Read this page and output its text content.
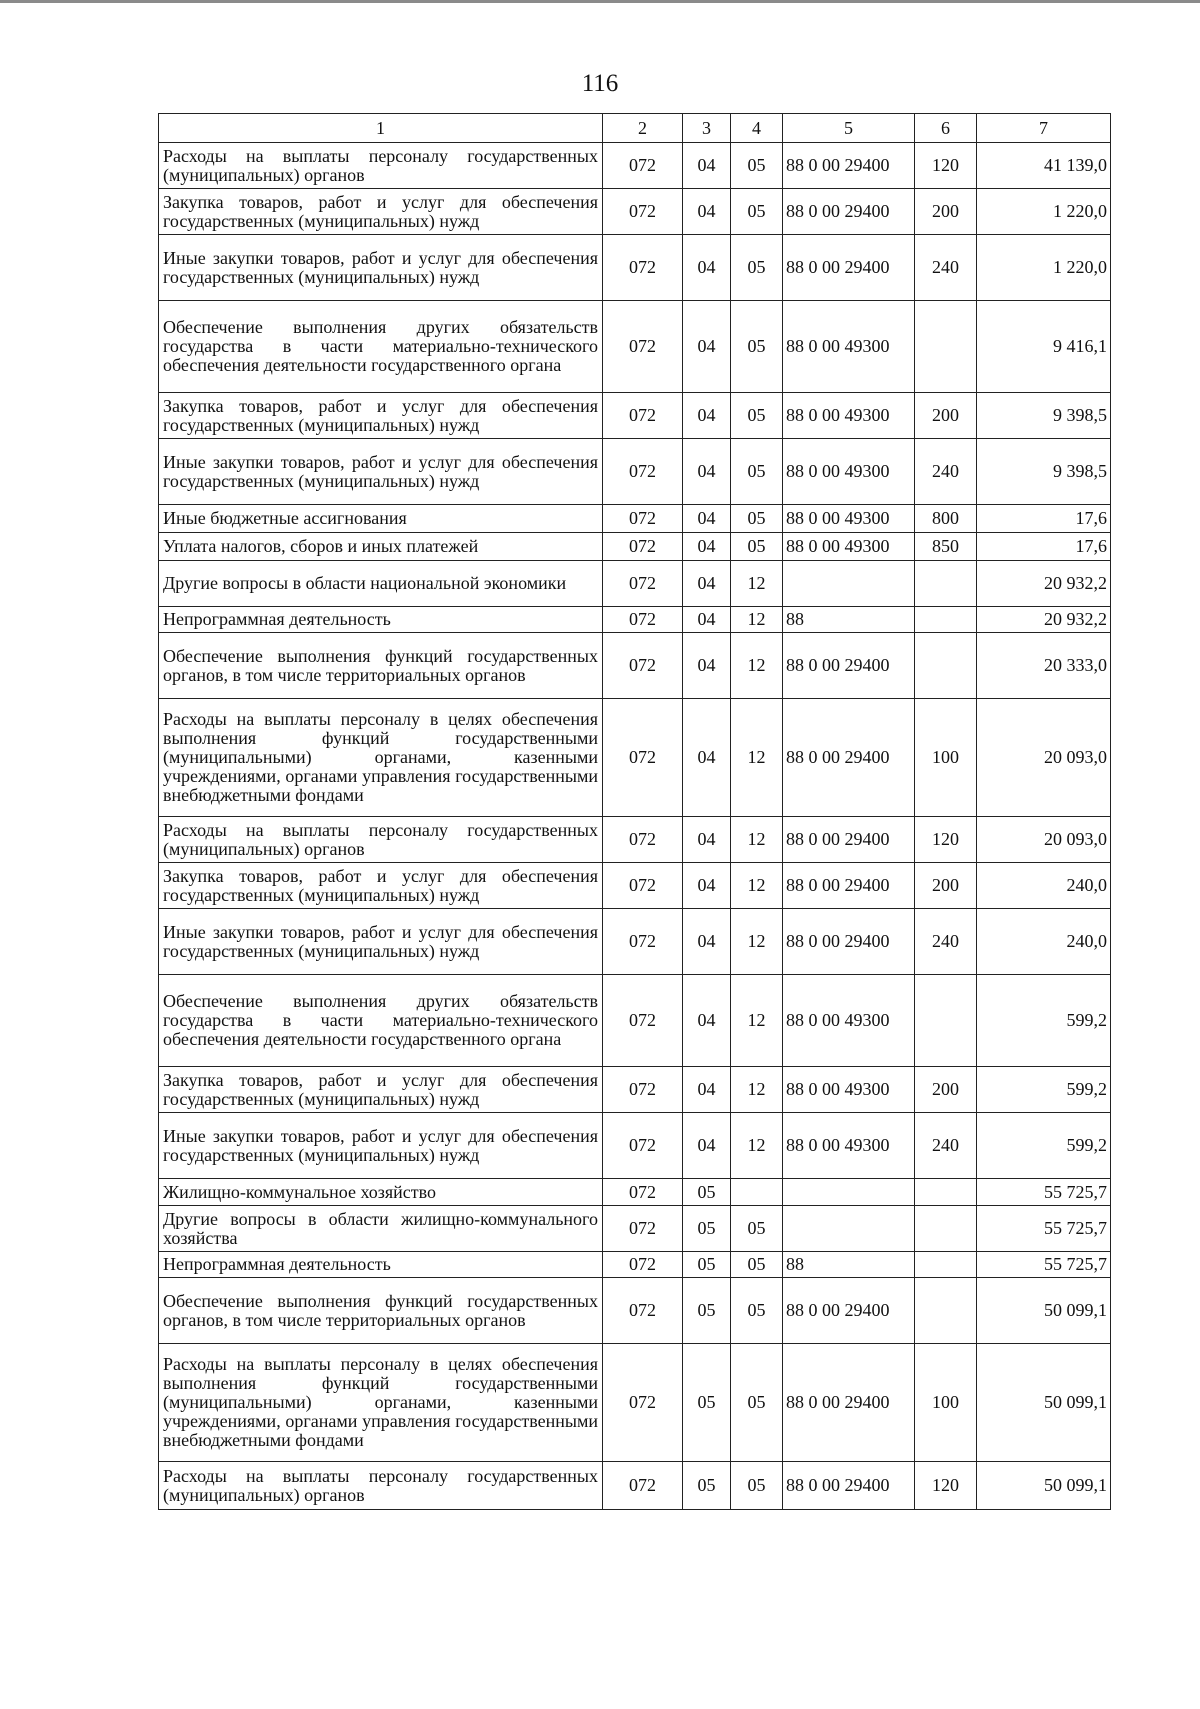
116
1	2	3	4	5	6	7
Расходы на выплаты персоналу государственных (муниципальных) органов	072	04	05	88 0 00 29400	120	41 139,0
Закупка товаров, работ и услуг для обеспечения государственных (муниципальных) нужд	072	04	05	88 0 00 29400	200	1 220,0
Иные закупки товаров, работ и услуг для обеспечения государственных (муниципальных) нужд	072	04	05	88 0 00 29400	240	1 220,0
Обеспечение выполнения других обязательств государства в части материально-технического обеспечения деятельности государственного органа	072	04	05	88 0 00 49300		9 416,1
Закупка товаров, работ и услуг для обеспечения государственных (муниципальных) нужд	072	04	05	88 0 00 49300	200	9 398,5
Иные закупки товаров, работ и услуг для обеспечения государственных (муниципальных) нужд	072	04	05	88 0 00 49300	240	9 398,5
Иные бюджетные ассигнования	072	04	05	88 0 00 49300	800	17,6
Уплата налогов, сборов и иных платежей	072	04	05	88 0 00 49300	850	17,6
Другие вопросы в области национальной экономики	072	04	12			20 932,2
Непрограммная деятельность	072	04	12	88		20 932,2
Обеспечение выполнения функций государственных органов, в том числе территориальных органов	072	04	12	88 0 00 29400		20 333,0
Расходы на выплаты персоналу в целях обеспечения выполнения функций государственными (муниципальными) органами, казенными учреждениями, органами управления государственными внебюджетными фондами	072	04	12	88 0 00 29400	100	20 093,0
Расходы на выплаты персоналу государственных (муниципальных) органов	072	04	12	88 0 00 29400	120	20 093,0
Закупка товаров, работ и услуг для обеспечения государственных (муниципальных) нужд	072	04	12	88 0 00 29400	200	240,0
Иные закупки товаров, работ и услуг для обеспечения государственных (муниципальных) нужд	072	04	12	88 0 00 29400	240	240,0
Обеспечение выполнения других обязательств государства в части материально-технического обеспечения деятельности государственного органа	072	04	12	88 0 00 49300		599,2
Закупка товаров, работ и услуг для обеспечения государственных (муниципальных) нужд	072	04	12	88 0 00 49300	200	599,2
Иные закупки товаров, работ и услуг для обеспечения государственных (муниципальных) нужд	072	04	12	88 0 00 49300	240	599,2
Жилищно-коммунальное хозяйство	072	05				55 725,7
Другие вопросы в области жилищно-коммунального хозяйства	072	05	05			55 725,7
Непрограммная деятельность	072	05	05	88		55 725,7
Обеспечение выполнения функций государственных органов, в том числе территориальных органов	072	05	05	88 0 00 29400		50 099,1
Расходы на выплаты персоналу в целях обеспечения выполнения функций государственными (муниципальными) органами, казенными учреждениями, органами управления государственными внебюджетными фондами	072	05	05	88 0 00 29400	100	50 099,1
Расходы на выплаты персоналу государственных (муниципальных) органов	072	05	05	88 0 00 29400	120	50 099,1
